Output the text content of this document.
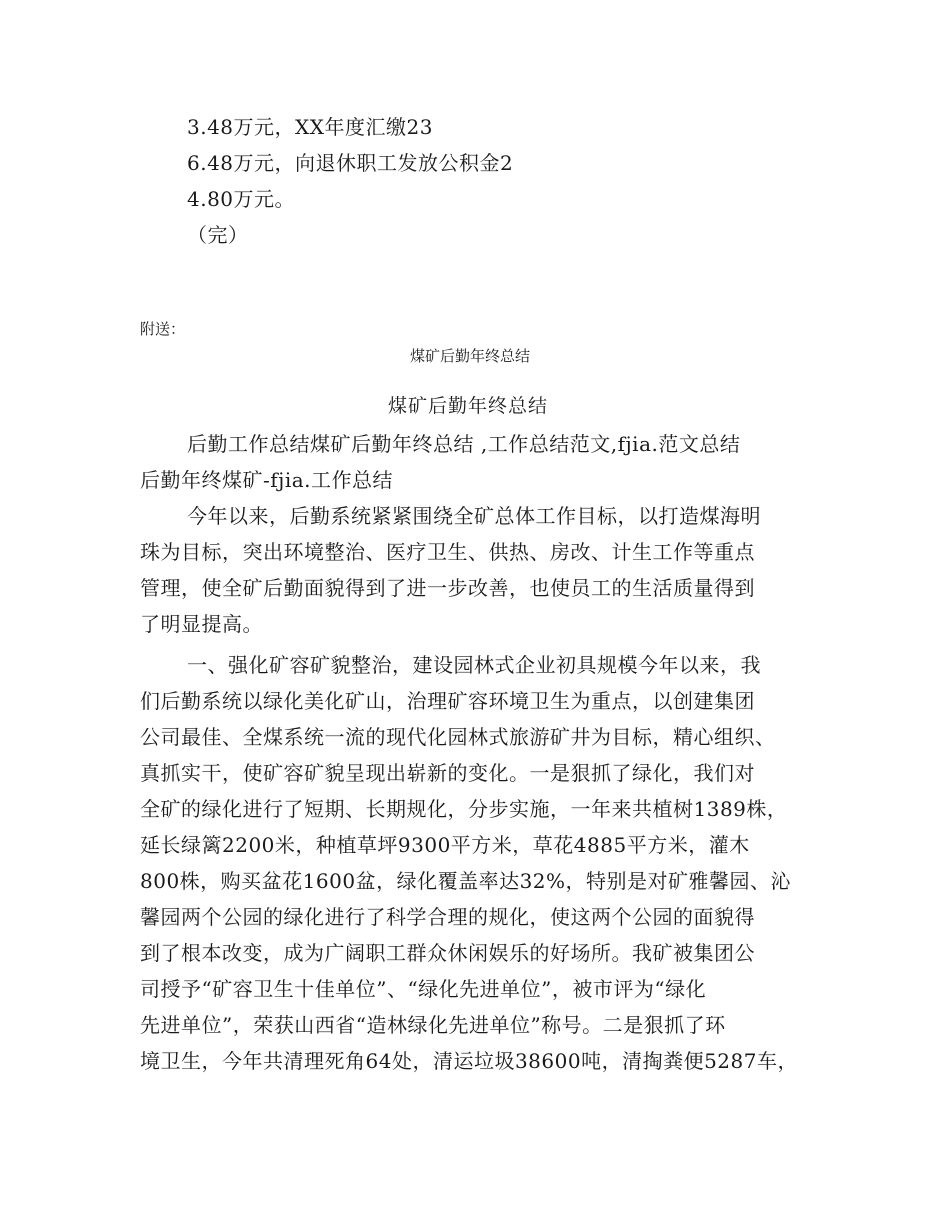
3.48万元，XX年度汇缴23
6.48万元，向退休职工发放公积金2
4.80万元。
（完）
附送：
煤矿后勤年终总结
煤矿后勤年终总结
后勤工作总结煤矿后勤年终总结 ,工作总结范文,fjia.范文总结
后勤年终煤矿-fjia.工作总结
今年以来，后勤系统紧紧围绕全矿总体工作目标，以打造煤海明
珠为目标，突出环境整治、医疗卫生、供热、房改、计生工作等重点
管理，使全矿后勤面貌得到了进一步改善，也使员工的生活质量得到
了明显提高。
一、强化矿容矿貌整治，建设园林式企业初具规模今年以来，我
们后勤系统以绿化美化矿山，治理矿容环境卫生为重点，以创建集团
公司最佳、全煤系统一流的现代化园林式旅游矿井为目标，精心组织、
真抓实干，使矿容矿貌呈现出崭新的变化。一是狠抓了绿化，我们对
全矿的绿化进行了短期、长期规化，分步实施，一年来共植树1389株，
延长绿篱2200米，种植草坪9300平方米，草花4885平方米，灌木
800株，购买盆花1600盆，绿化覆盖率达32%，特别是对矿雅馨园、沁
馨园两个公园的绿化进行了科学合理的规化，使这两个公园的面貌得
到了根本改变，成为广阔职工群众休闲娱乐的好场所。我矿被集团公
司授予“矿容卫生十佳单位”、“绿化先进单位”，被市评为“绿化
先进单位”，荣获山西省“造林绿化先进单位”称号。二是狠抓了环
境卫生，今年共清理死角64处，清运垃圾38600吨，清掏粪便5287车，
